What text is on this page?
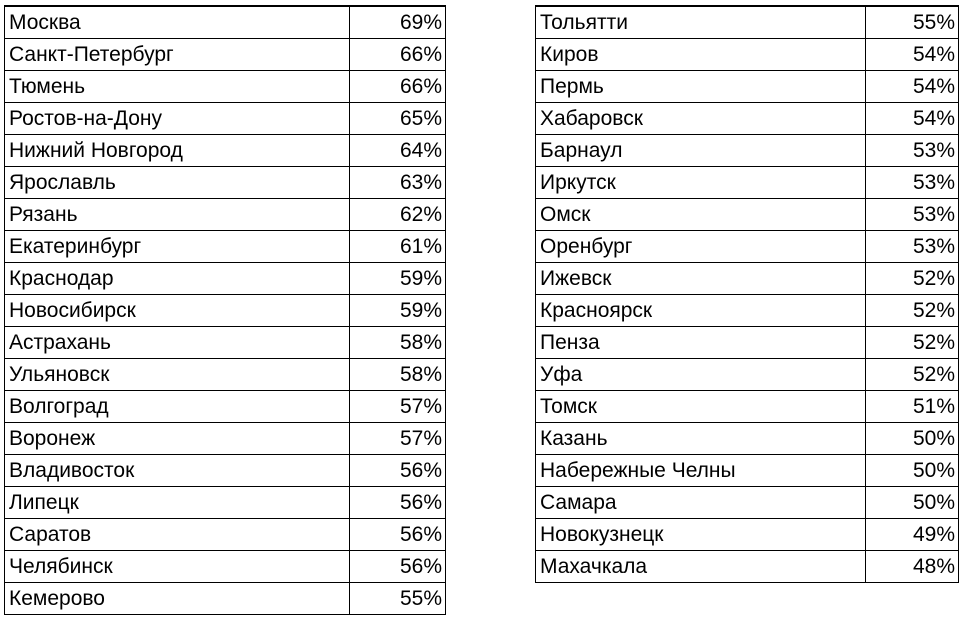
Москва	69%
Санкт-Петербург	66%
Тюмень	66%
Ростов-на-Дону	65%
Нижний Новгород	64%
Ярославль	63%
Рязань	62%
Екатеринбург	61%
Краснодар	59%
Новосибирск	59%
Астрахань	58%
Ульяновск	58%
Волгоград	57%
Воронеж	57%
Владивосток	56%
Липецк	56%
Саратов	56%
Челябинск	56%
Кемерово	55%
Тольятти	55%
Киров	54%
Пермь	54%
Хабаровск	54%
Барнаул	53%
Иркутск	53%
Омск	53%
Оренбург	53%
Ижевск	52%
Красноярск	52%
Пенза	52%
Уфа	52%
Томск	51%
Казань	50%
Набережные Челны	50%
Самара	50%
Новокузнецк	49%
Махачкала	48%
